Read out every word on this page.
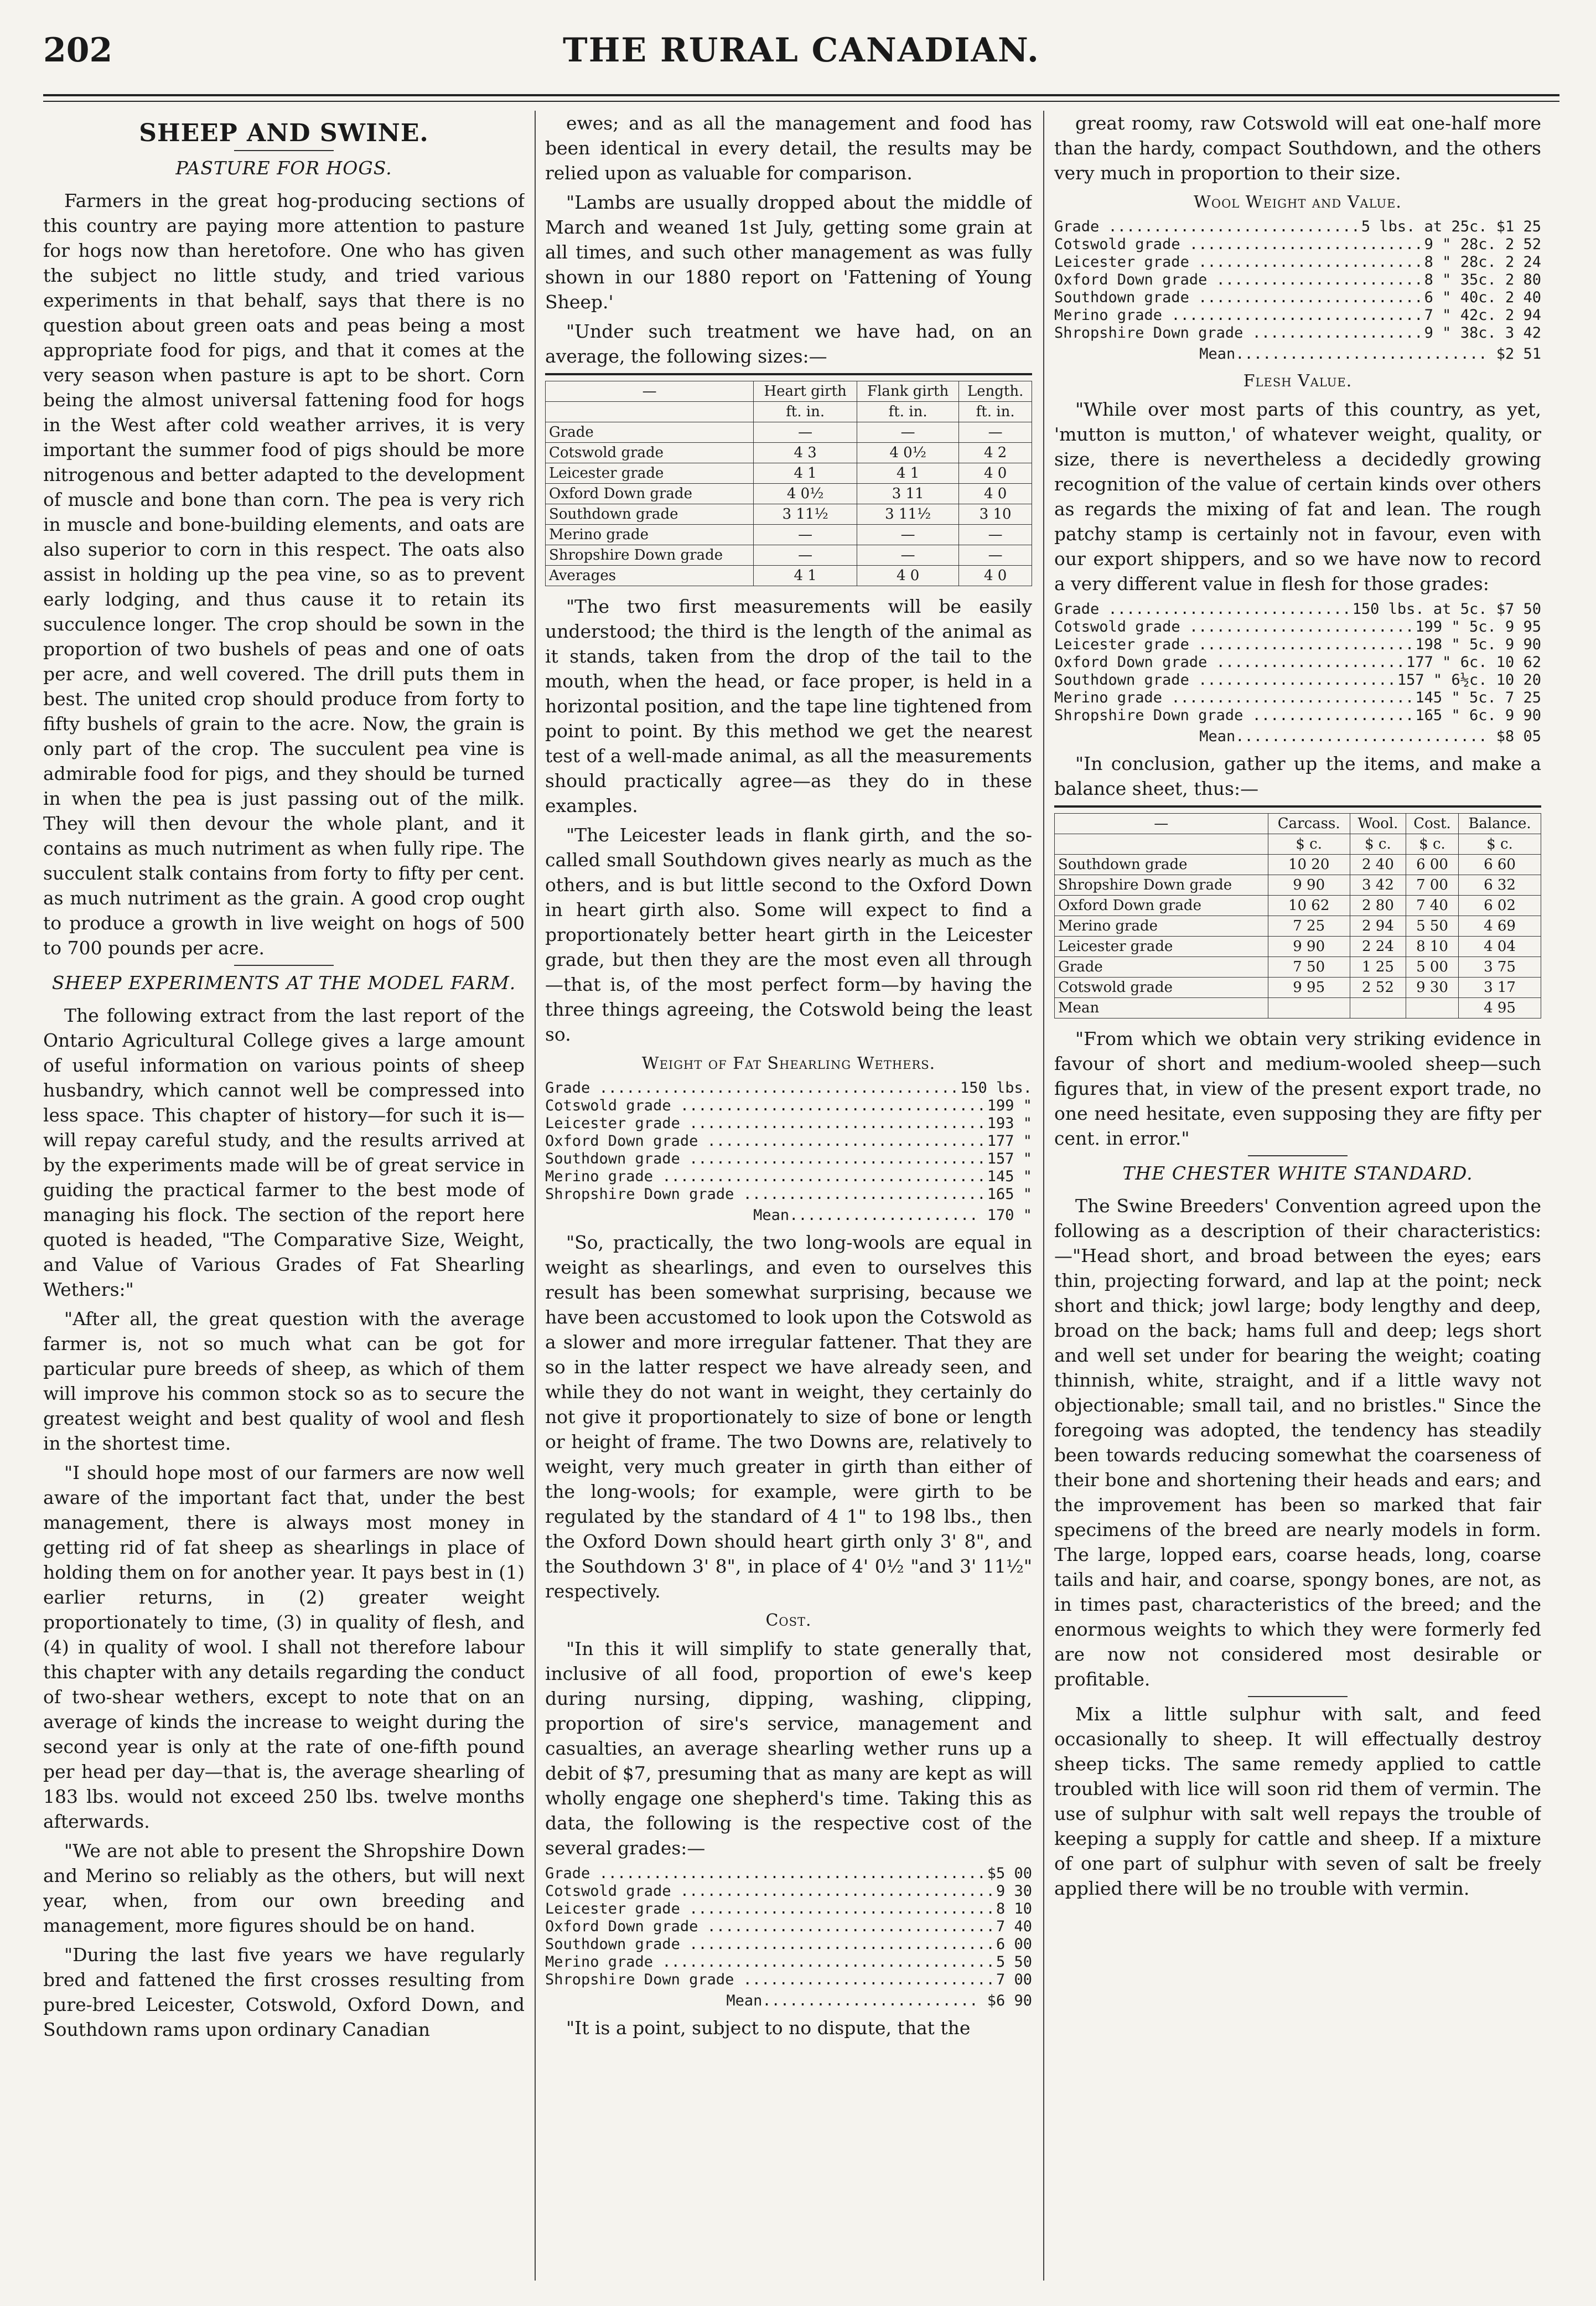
202	THE RURAL CANADIAN.
SHEEP AND SWINE.
PASTURE FOR HOGS.

Farmers in the great hog-producing sections of this country are paying more attention to pasture for hogs now than heretofore. One who has given the subject no little study, and tried various experiments in that behalf, says that there is no question about green oats and peas being a most appropriate food for pigs, and that it comes at the very season when pasture is apt to be short. Corn being the almost universal fattening food for hogs in the West after cold weather arrives, it is very important the summer food of pigs should be more nitrogenous and better adapted to the development of muscle and bone than corn. The pea is very rich in muscle and bone-building elements, and oats are also superior to corn in this respect. The oats also assist in holding up the pea vine, so as to prevent early lodging, and thus cause it to retain its succulence longer. The crop should be sown in the proportion of two bushels of peas and one of oats per acre, and well covered. The drill puts them in best. The united crop should produce from forty to fifty bushels of grain to the acre. Now, the grain is only part of the crop. The succulent pea vine is admirable food for pigs, and they should be turned in when the pea is just passing out of the milk. They will then devour the whole plant, and it contains as much nutriment as when fully ripe. The succulent stalk contains from forty to fifty per cent. as much nutriment as the grain. A good crop ought to produce a growth in live weight on hogs of 500 to 700 pounds per acre.

SHEEP EXPERIMENTS AT THE MODEL FARM.

The following extract from the last report of the Ontario Agricultural College gives a large amount of useful information on various points of sheep husbandry, which cannot well be compressed into less space. This chapter of history—for such it is—will repay careful study, and the results arrived at by the experiments made will be of great service in guiding the practical farmer to the best mode of managing his flock. The section of the report here quoted is headed, "The Comparative Size, Weight, and Value of Various Grades of Fat Shearling Wethers:"

"After all, the great question with the average farmer is, not so much what can be got for particular pure breeds of sheep, as which of them will improve his common stock so as to secure the greatest weight and best quality of wool and flesh in the shortest time.

"I should hope most of our farmers are now well aware of the important fact that, under the best management, there is always most money in getting rid of fat sheep as shearlings in place of holding them on for another year. It pays best in (1) earlier returns, in (2) greater weight proportionately to time, (3) in quality of flesh, and (4) in quality of wool. I shall not therefore labour this chapter with any details regarding the conduct of two-shear wethers, except to note that on an average of kinds the increase to weight during the second year is only at the rate of one-fifth pound per head per day—that is, the average shearling of 183 lbs. would not exceed 250 lbs. twelve months afterwards.

"We are not able to present the Shropshire Down and Merino so reliably as the others, but will next year, when, from our own breeding and management, more figures should be on hand.

"During the last five years we have regularly bred and fattened the first crosses resulting from pure-bred Leicester, Cotswold, Oxford Down, and Southdown rams upon ordinary Canadian

ewes; and as all the management and food has been identical in every detail, the results may be relied upon as valuable for comparison.

"Lambs are usually dropped about the middle of March and weaned 1st July, getting some grain at all times, and such other management as was fully shown in our 1880 report on 'Fattening of Young Sheep.'

"Under such treatment we have had, on an average, the following sizes:—

—	Heart girth	Flank girth	Length.
	ft. in.	ft. in.	ft. in.
Grade	—	—	—
Cotswold grade	4 3	4 0½	4 2
Leicester grade	4 1	4 1	4 0
Oxford Down grade	4 0½	3 11	4 0
Southdown grade	3 11½	3 11½	3 10
Merino grade	—	—	—
Shropshire Down grade	—	—	—
Averages	4 1	4 0	4 0

"The two first measurements will be easily understood; the third is the length of the animal as it stands, taken from the drop of the tail to the mouth, when the head, or face proper, is held in a horizontal position, and the tape line tightened from point to point. By this method we get the nearest test of a well-made animal, as all the measurements should practically agree—as they do in these examples.

"The Leicester leads in flank girth, and the so-called small Southdown gives nearly as much as the others, and is but little second to the Oxford Down in heart girth also. Some will expect to find a proportionately better heart girth in the Leicester grade, but then they are the most even all through—that is, of the most perfect form—by having the three things agreeing, the Cotswold being the least so.

Weight of Fat Shearling Wethers.
Grade .....	150 lbs.
Cotswold grade .....	199 "
Leicester grade .....	193 "
Oxford Down grade .....	177 "
Southdown grade .....	157 "
Merino grade .....	145 "
Shropshire Down grade .....	165 "
Mean..................... 170 "

"So, practically, the two long-wools are equal in weight as shearlings, and even to ourselves this result has been somewhat surprising, because we have been accustomed to look upon the Cotswold as a slower and more irregular fattener. That they are so in the latter respect we have already seen, and while they do not want in weight, they certainly do not give it proportionately to size of bone or length or height of frame. The two Downs are, relatively to weight, very much greater in girth than either of the long-wools; for example, were girth to be regulated by the standard of 4 1" to 198 lbs., then the Oxford Down should heart girth only 3' 8", and the Southdown 3' 8", in place of 4' 0½ "and 3' 11½" respectively.

Cost.

"In this it will simplify to state generally that, inclusive of all food, proportion of ewe's keep during nursing, dipping, washing, clipping, proportion of sire's service, management and casualties, an average shearling wether runs up a debit of $7, presuming that as many are kept as will wholly engage one shepherd's time. Taking this as data, the following is the respective cost of the several grades:—

Grade .....	$5 00
Cotswold grade .....	9 30
Leicester grade .....	8 10
Oxford Down grade .....	7 40
Southdown grade .....	6 00
Merino grade .....	5 50
Shropshire Down grade .....	7 00
Mean........................ $6 90

"It is a point, subject to no dispute, that the

great roomy, raw Cotswold will eat one-half more than the hardy, compact Southdown, and the others very much in proportion to their size.

Wool Weight and Value.
Grade .....	5 lbs. at 25c. $1 25
Cotswold grade .....	9 " 28c. 2 52
Leicester grade .....	8 " 28c. 2 24
Oxford Down grade .....	8 " 35c. 2 80
Southdown grade .....	6 " 40c. 2 40
Merino grade .....	7 " 42c. 2 94
Shropshire Down grade .....	9 " 38c. 3 42
Mean............................ $2 51
Flesh Value.

"While over most parts of this country, as yet, 'mutton is mutton,' of whatever weight, quality, or size, there is nevertheless a decidedly growing recognition of the value of certain kinds over others as regards the mixing of fat and lean. The rough patchy stamp is certainly not in favour, even with our export shippers, and so we have now to record a very different value in flesh for those grades:

Grade .....	150 lbs. at 5c. $7 50
Cotswold grade .....	199 " 5c. 9 95
Leicester grade .....	198 " 5c. 9 90
Oxford Down grade .....	177 " 6c. 10 62
Southdown grade .....	157 " 6½c. 10 20
Merino grade .....	145 " 5c. 7 25
Shropshire Down grade .....	165 " 6c. 9 90
Mean............................ $8 05

"In conclusion, gather up the items, and make a balance sheet, thus:—

—	Carcass.	Wool.	Cost.	Balance.
	$ c.	$ c.	$ c.	$ c.
Southdown grade	10 20	2 40	6 00	6 60
Shropshire Down grade	9 90	3 42	7 00	6 32
Oxford Down grade	10 62	2 80	7 40	6 02
Merino grade	7 25	2 94	5 50	4 69
Leicester grade	9 90	2 24	8 10	4 04
Grade	7 50	1 25	5 00	3 75
Cotswold grade	9 95	2 52	9 30	3 17
Mean				4 95

"From which we obtain very striking evidence in favour of short and medium-wooled sheep—such figures that, in view of the present export trade, no one need hesitate, even supposing they are fifty per cent. in error."

THE CHESTER WHITE STANDARD.

The Swine Breeders' Convention agreed upon the following as a description of their characteristics:—"Head short, and broad between the eyes; ears thin, projecting forward, and lap at the point; neck short and thick; jowl large; body lengthy and deep, broad on the back; hams full and deep; legs short and well set under for bearing the weight; coating thinnish, white, straight, and if a little wavy not objectionable; small tail, and no bristles." Since the foregoing was adopted, the tendency has steadily been towards reducing somewhat the coarseness of their bone and shortening their heads and ears; and the improvement has been so marked that fair specimens of the breed are nearly models in form. The large, lopped ears, coarse heads, long, coarse tails and hair, and coarse, spongy bones, are not, as in times past, characteristics of the breed; and the enormous weights to which they were formerly fed are now not considered most desirable or profitable.

Mix a little sulphur with salt, and feed occasionally to sheep. It will effectually destroy sheep ticks. The same remedy applied to cattle troubled with lice will soon rid them of vermin. The use of sulphur with salt well repays the trouble of keeping a supply for cattle and sheep. If a mixture of one part of sulphur with seven of salt be freely applied there will be no trouble with vermin.
